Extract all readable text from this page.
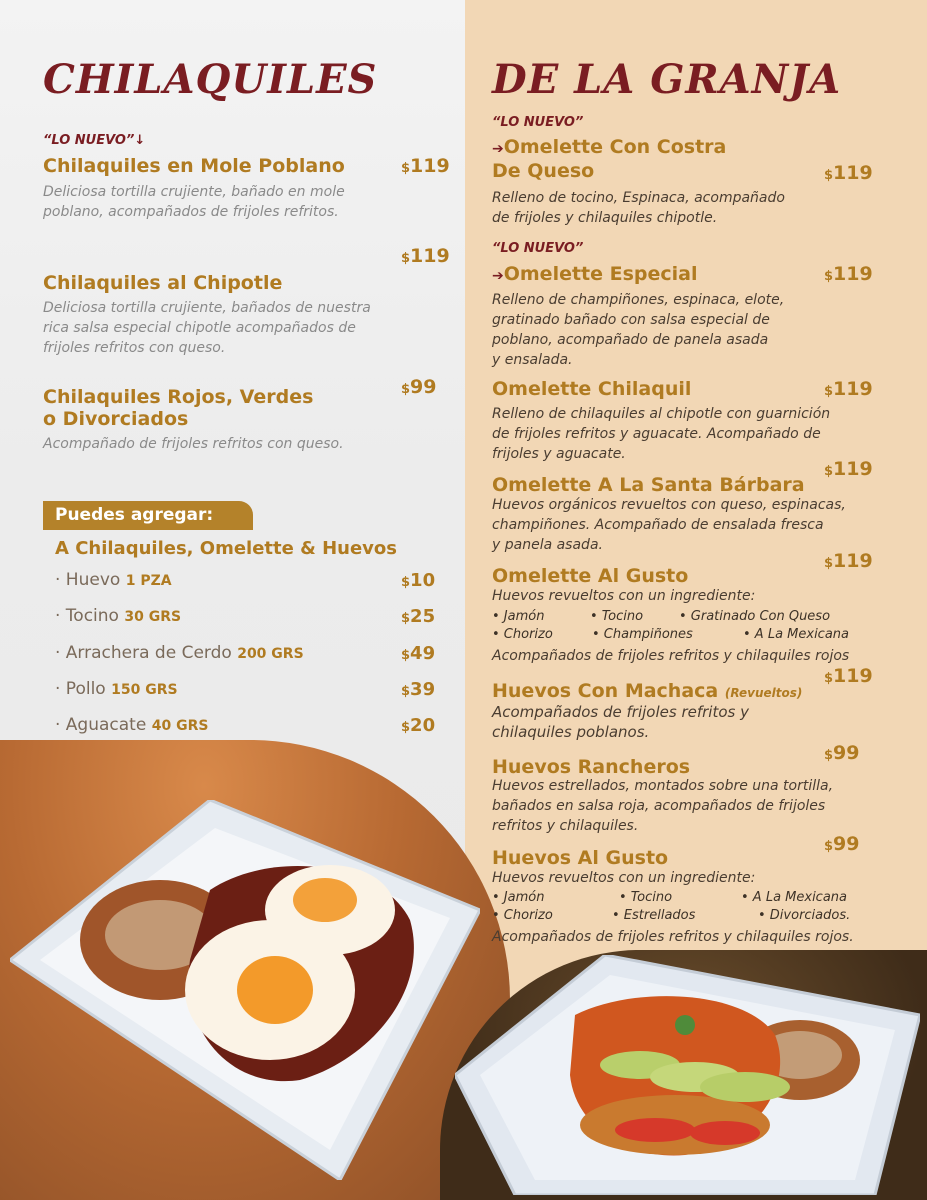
CHILAQUILES
“LO NUEVO”↓
Chilaquiles en Mole Poblano	$119
Deliciosa tortilla crujiente, bañado en mole
poblano, acompañados de frijoles refritos.
$119
Chilaquiles al Chipotle
Deliciosa tortilla crujiente, bañados de nuestra
rica salsa especial chipotle acompañados de
frijoles refritos con queso.
$99
Chilaquiles Rojos, Verdes
o Divorciados
Acompañado de frijoles refritos con queso.
Puedes agregar:
A Chilaquiles, Omelette & Huevos
· Huevo 1 PZA	$10
· Tocino 30 GRS	$25
· Arrachera de Cerdo 200 GRS	$49
· Pollo 150 GRS	$39
· Aguacate 40 GRS	$20
DE LA GRANJA
“LO NUEVO”
➔Omelette Con Costra
De Queso	$119
Relleno de tocino, Espinaca, acompañado
de frijoles y chilaquiles chipotle.
“LO NUEVO”
➔Omelette Especial	$119
Relleno de champiñones, espinaca, elote,
gratinado bañado con salsa especial de
poblano, acompañado de panela asada
y ensalada.
Omelette Chilaquil	$119
Relleno de chilaquiles al chipotle con guarnición
de frijoles refritos y aguacate. Acompañado de
frijoles y aguacate.
$119
Omelette A La Santa Bárbara
Huevos orgánicos revueltos con queso, espinacas,
champiñones. Acompañado de ensalada fresca
y panela asada.
$119
Omelette Al Gusto
Huevos revueltos con un ingrediente:
• Jamón	• Tocino	• Gratinado Con Queso
• Chorizo	• Champiñones	• A La Mexicana
Acompañados de frijoles refritos y chilaquiles rojos
$119
Huevos Con Machaca (Revueltos)
Acompañados de frijoles refritos y
chilaquiles poblanos.
$99
Huevos Rancheros
Huevos estrellados, montados sobre una tortilla,
bañados en salsa roja, acompañados de frijoles
refritos y chilaquiles.
$99
Huevos Al Gusto
Huevos revueltos con un ingrediente:
• Jamón	• Tocino	• A La Mexicana
• Chorizo	• Estrellados	• Divorciados.
Acompañados de frijoles refritos y chilaquiles rojos.
